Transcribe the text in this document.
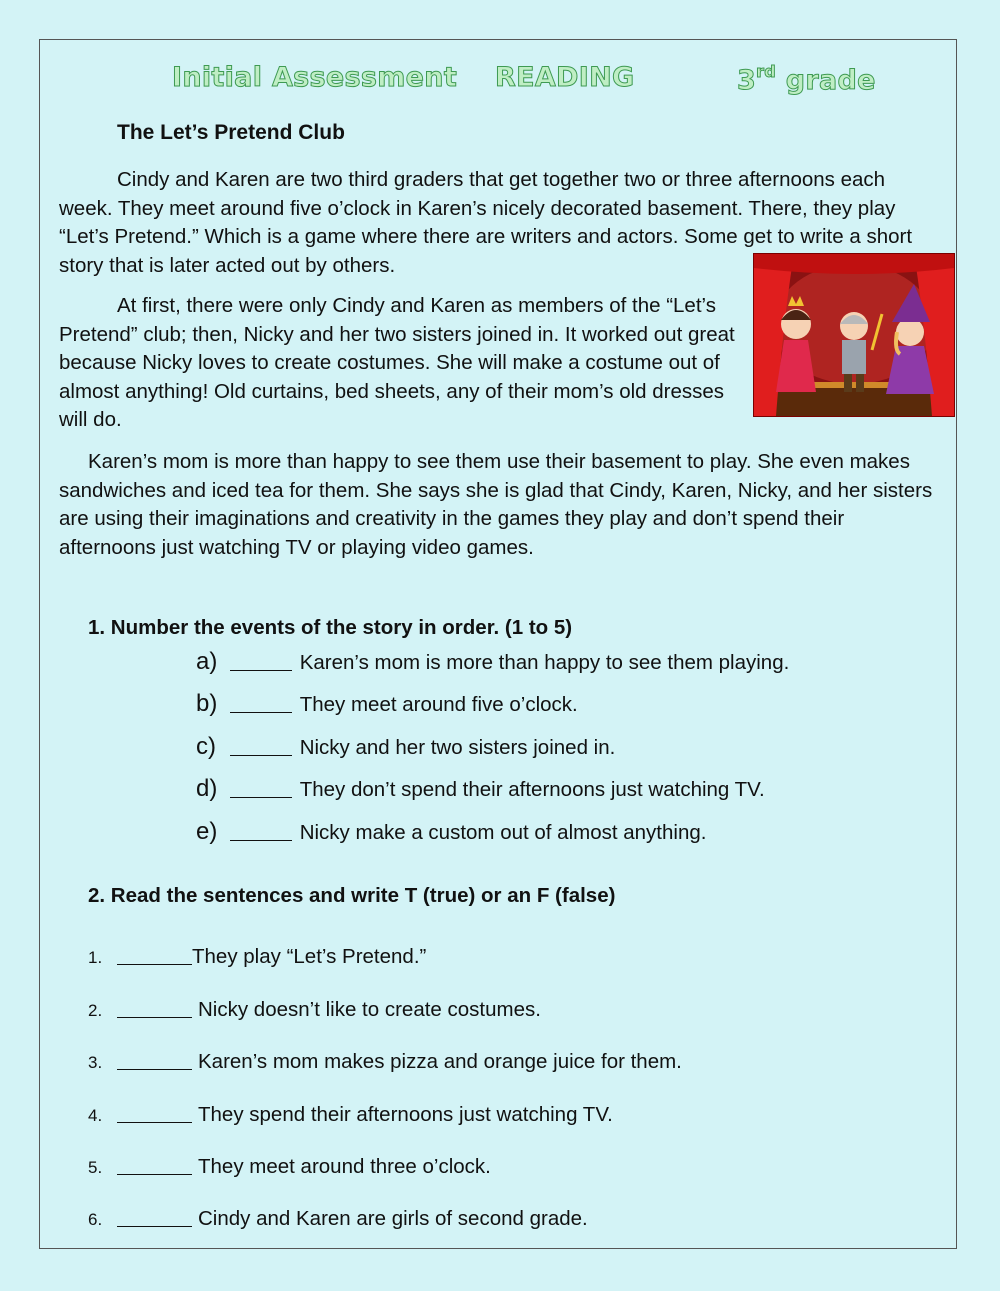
Initial Assessment READING	3rd grade
The Let’s Pretend Club

Cindy and Karen are two third graders that get together two or three afternoons each week. They meet around five o’clock in Karen’s nicely decorated basement. There, they play “Let’s Pretend.” Which is a game where there are writers and actors. Some get to write a short story that is later acted out by others.

At first, there were only Cindy and Karen as members of the “Let’s Pretend” club; then, Nicky and her two sisters joined in. It worked out great because Nicky loves to create costumes. She will make a costume out of almost anything! Old curtains, bed sheets, any of their mom’s old dresses will do.

Karen’s mom is more than happy to see them use their basement to play. She even makes sandwiches and iced tea for them. She says she is glad that Cindy, Karen, Nicky, and her sisters are using their imaginations and creativity in the games they play and don’t spend their afternoons just watching TV or playing video games.

1. Number the events of the story in order. (1 to 5)
a)	Karen’s mom is more than happy to see them playing.
b)	They meet around five o’clock.
c)	Nicky and her two sisters joined in.
d)	They don’t spend their afternoons just watching TV.
e)	Nicky make a custom out of almost anything.
2. Read the sentences and write T (true) or an F (false)
1.	They play “Let’s Pretend.”
2.	Nicky doesn’t like to create costumes.
3.	Karen’s mom makes pizza and orange juice for them.
4.	They spend their afternoons just watching TV.
5.	They meet around three o’clock.
6.	Cindy and Karen are girls of second grade.
